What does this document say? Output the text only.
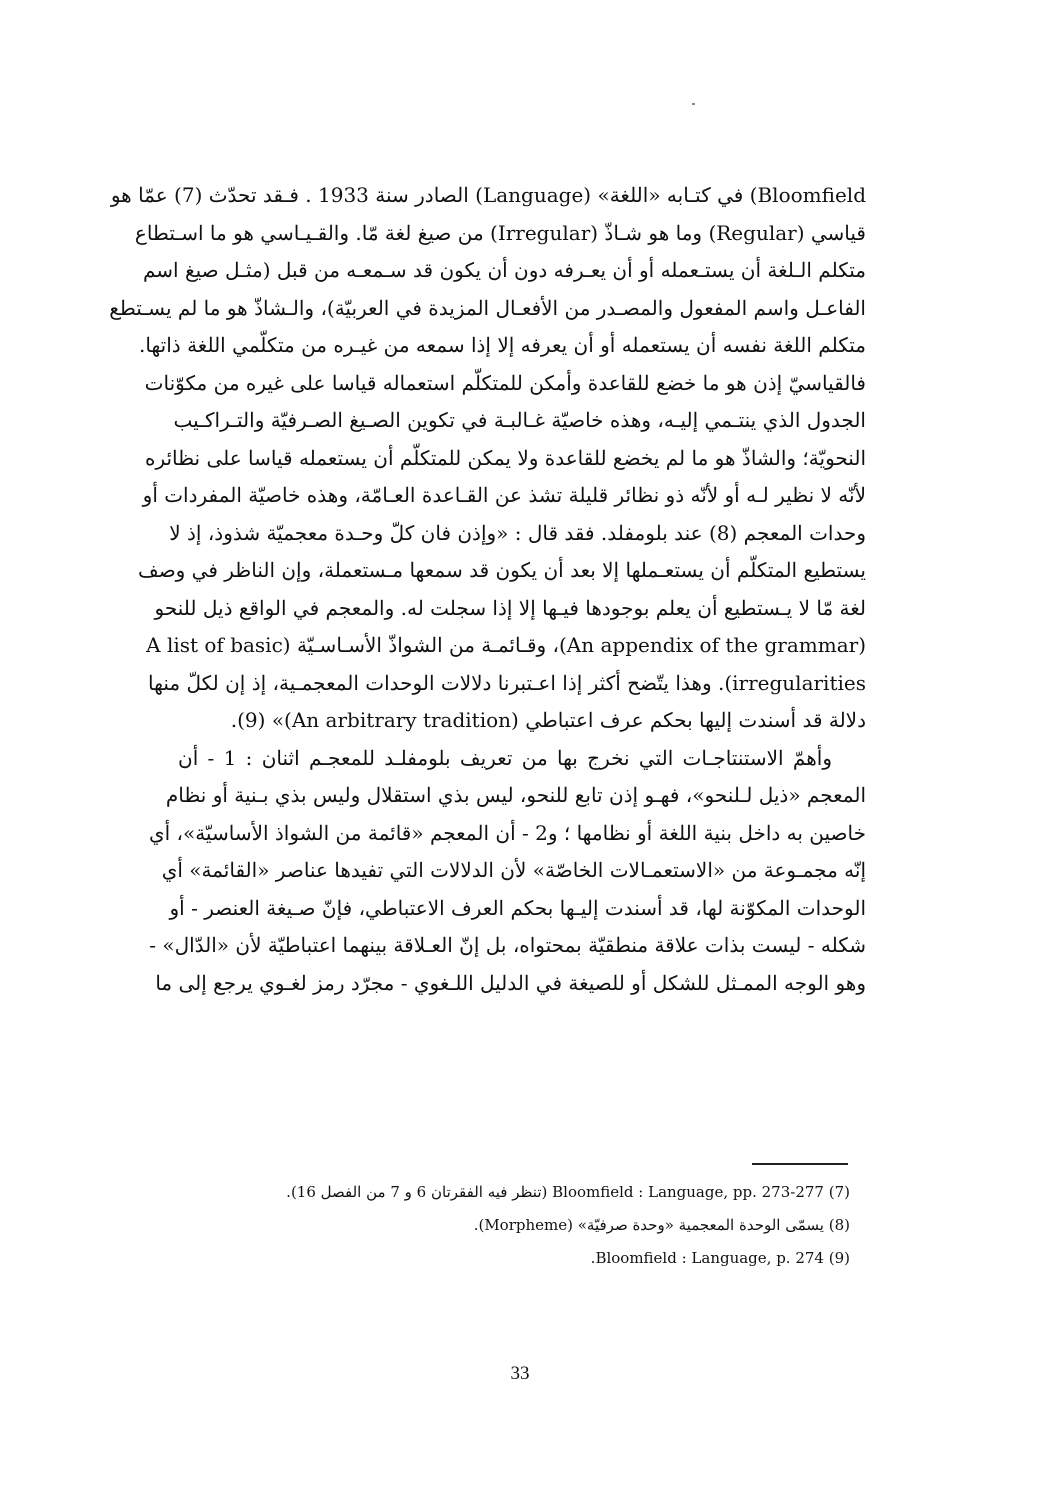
Bloomfield) في كتـابه «اللغة» (Language) الصادر سنة 1933 . فـقد تحدّث (7) عمّا هو
قياسي (Regular) وما هو شـاذّ (Irregular) من صيغ لغة مّا. والقـيـاسي هو ما اسـتطاع
متكلم الـلغة أن يستـعمله أو أن يعـرفه دون أن يكون قد سـمعـه من قبل (مثـل صيغ اسم
الفاعـل واسم المفعول والمصـدر من الأفعـال المزيدة في العربيّة)، والـشاذّ هو ما لم يسـتطع
متكلم اللغة نفسه أن يستعمله أو أن يعرفه إلا إذا سمعه من غيـره من متكلّمي اللغة ذاتها.
فالقياسيّ إذن هو ما خضع للقاعدة وأمكن للمتكلّم استعماله قياسا على غيره من مكوّنات
الجدول الذي ينتـمي إليـه، وهذه خاصيّة غـالبـة في تكوين الصـيغ الصـرفيّة والتـراكـيب
النحويّة؛ والشاذّ هو ما لم يخضع للقاعدة ولا يمكن للمتكلّم أن يستعمله قياسا على نظائره
لأنّه لا نظير لـه أو لأنّه ذو نظائر قليلة تشذ عن القـاعدة العـامّة، وهذه خاصيّة المفردات أو
وحدات المعجم (8) عند بلومفلد. فقد قال : «وإذن فان كلّ وحـدة معجميّة شذوذ، إذ لا
يستطيع المتكلّم أن يستعـملها إلا بعد أن يكون قد سمعها مـستعملة، وإن الناظر في وصف
لغة مّا لا يـستطيع أن يعلم بوجودها فيـها إلا إذا سجلت له. والمعجم في الواقع ذيل للنحو
(An appendix of the grammar)، وقـائمـة من الشواذّ الأسـاسـيّة (A list of basic
irregularities). وهذا يتّضح أكثر إذا اعـتبرنا دلالات الوحدات المعجمـية، إذ إن لكلّ منها
دلالة قد أسندت إليها بحكم عرف اعتباطي (An arbitrary tradition)» (9).
وأهمّ الاستنتاجـات التي نخرج بها من تعريف بلومفلـد للمعجـم اثنان : 1 - أن
المعجم «ذيل لـلنحو»، فهـو إذن تابع للنحو، ليس بذي استقلال وليس بذي بـنية أو نظام
خاصين به داخل بنية اللغة أو نظامها ؛ و2 - أن المعجم «قائمة من الشواذ الأساسيّة»، أي
إنّه مجمـوعة من «الاستعمـالات الخاصّة» لأن الدلالات التي تفيدها عناصر «القائمة» أي
الوحدات المكوّنة لها، قد أسندت إليـها بحكم العرف الاعتباطي، فإنّ صـيغة العنصر - أو
شكله - ليست بذات علاقة منطقيّة بمحتواه، بل إنّ العـلاقة بينهما اعتباطيّة لأن «الدّال» -
وهو الوجه الممـثل للشكل أو للصيغة في الدليل اللـغوي - مجرّد رمز لغـوي يرجع إلى ما
(7) Bloomfield : Language, pp. 273-277 (تنظر فيه الفقرتان 6 و 7 من الفصل 16).
(8) يسمّى الوحدة المعجمية «وحدة صرفيّة» (Morpheme).
(9) Bloomfield : Language, p. 274.
33
